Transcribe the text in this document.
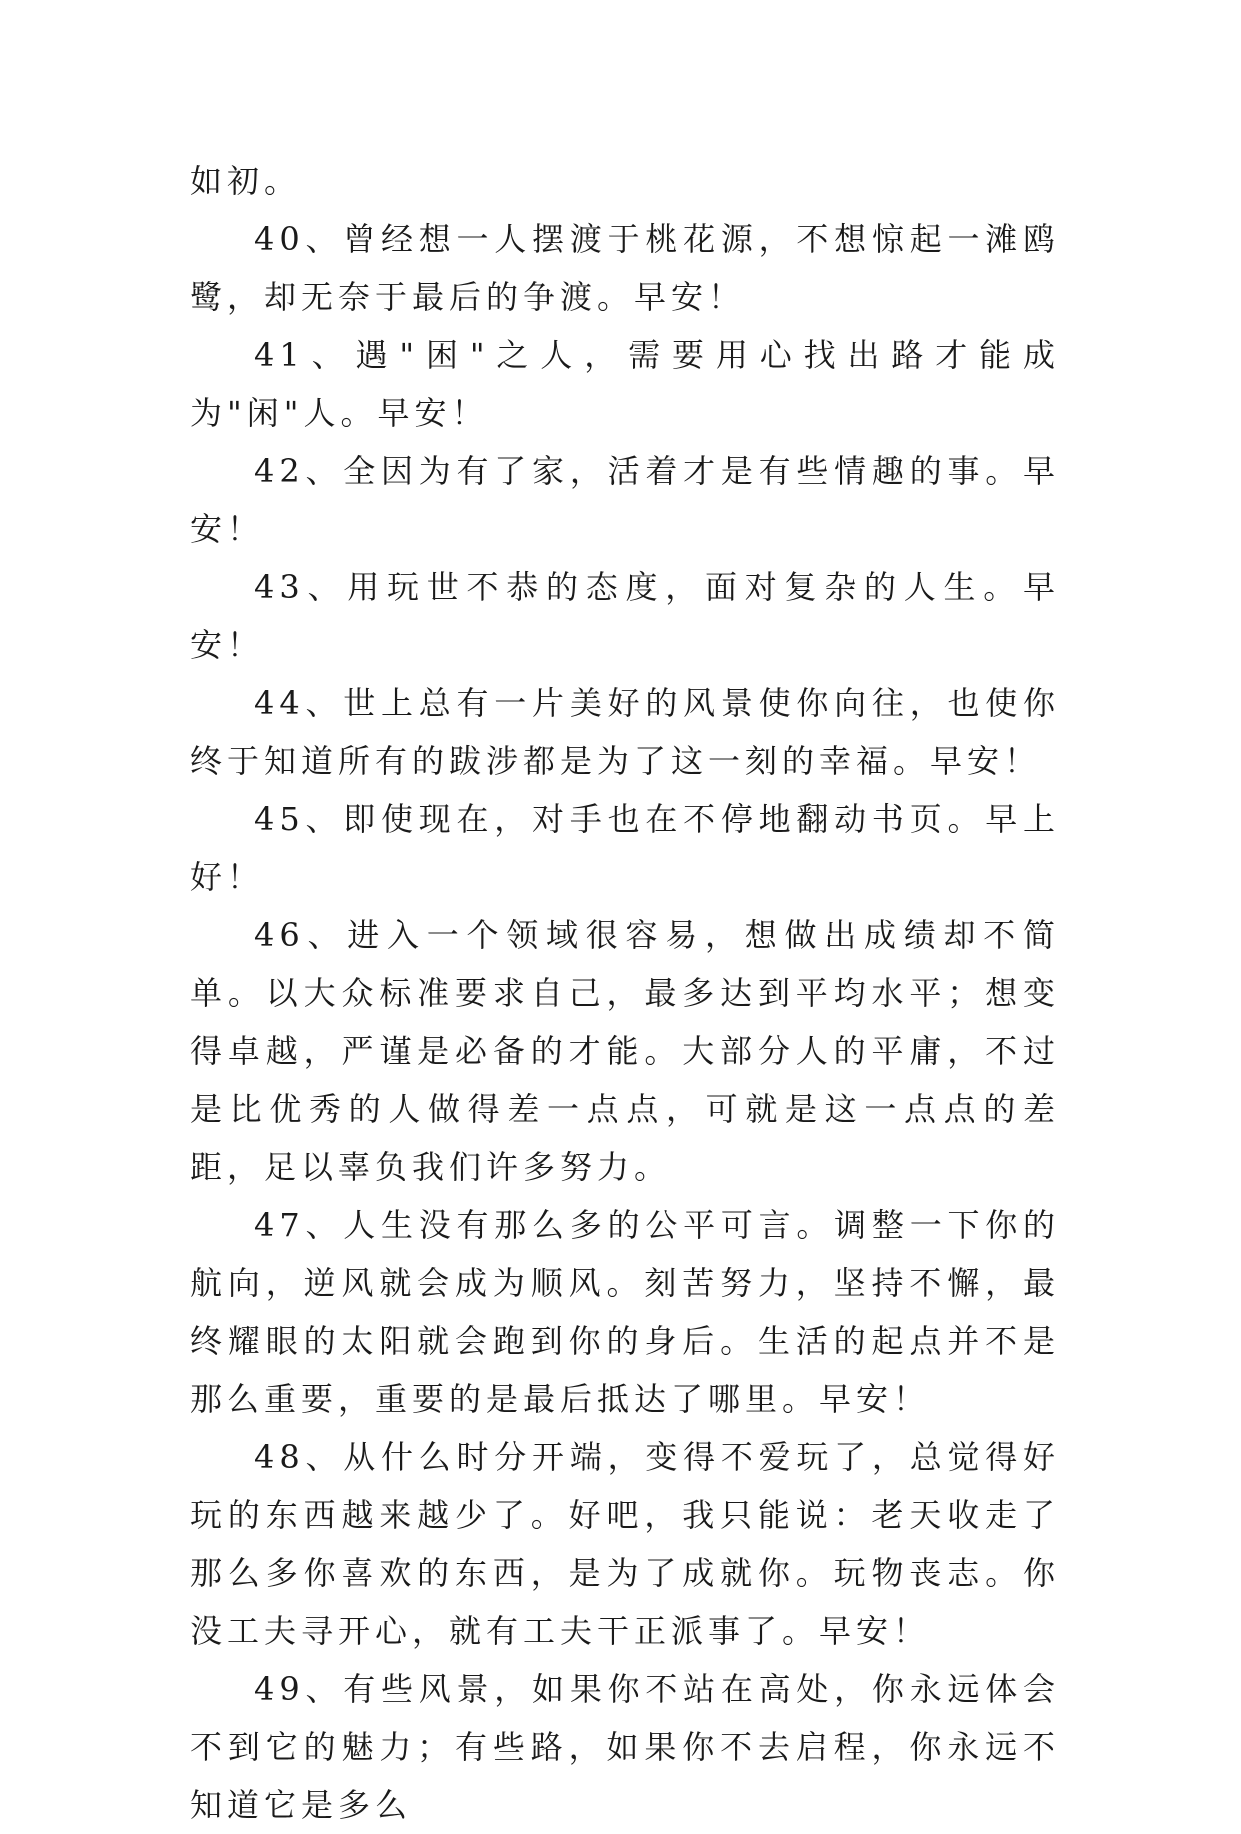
如初。

40、曾经想一人摆渡于桃花源，不想惊起一滩鸥鹭，却无奈于最后的争渡。早安！

41、遇"困"之人，需要用心找出路才能成为"闲"人。早安！

42、全因为有了家，活着才是有些情趣的事。早安！

43、用玩世不恭的态度，面对复杂的人生。早安！

44、世上总有一片美好的风景使你向往，也使你终于知道所有的跋涉都是为了这一刻的幸福。早安！

45、即使现在，对手也在不停地翻动书页。早上好！

46、进入一个领域很容易，想做出成绩却不简单。以大众标准要求自己，最多达到平均水平；想变得卓越，严谨是必备的才能。大部分人的平庸，不过是比优秀的人做得差一点点，可就是这一点点的差距，足以辜负我们许多努力。

47、人生没有那么多的公平可言。调整一下你的航向，逆风就会成为顺风。刻苦努力，坚持不懈，最终耀眼的太阳就会跑到你的身后。生活的起点并不是那么重要，重要的是最后抵达了哪里。早安！

48、从什么时分开端，变得不爱玩了，总觉得好玩的东西越来越少了。好吧，我只能说：老天收走了那么多你喜欢的东西，是为了成就你。玩物丧志。你没工夫寻开心，就有工夫干正派事了。早安！

49、有些风景，如果你不站在高处，你永远体会不到它的魅力；有些路，如果你不去启程，你永远不知道它是多么
